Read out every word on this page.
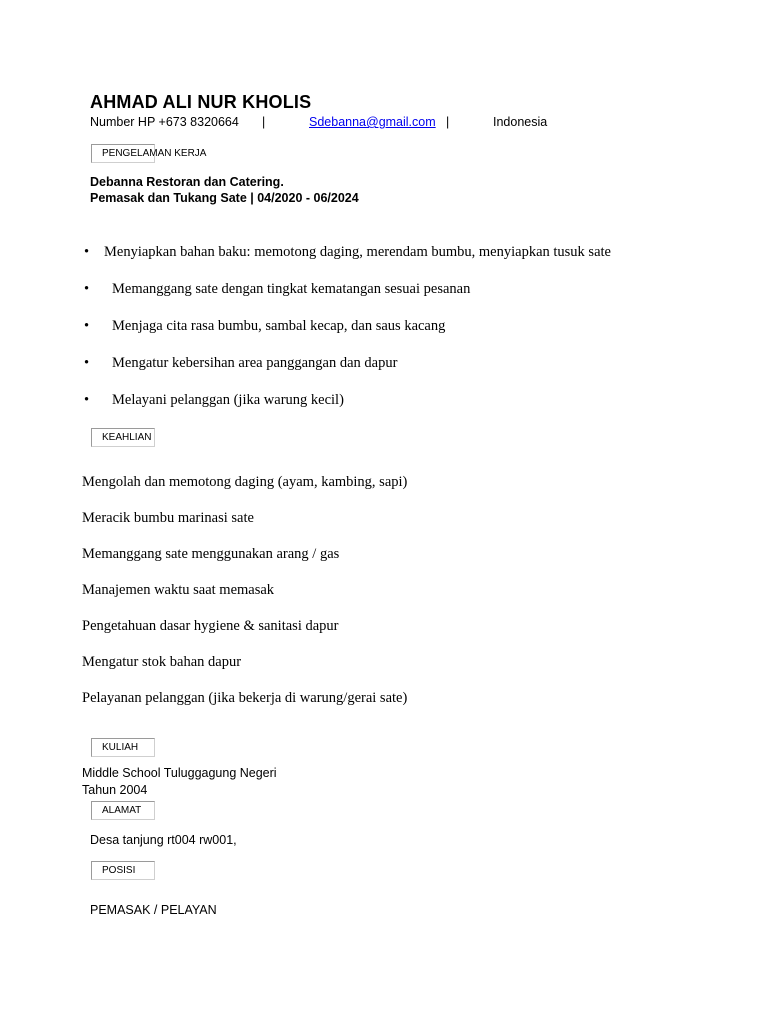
AHMAD ALI NUR KHOLIS
Number HP +673 8320664 |	Sdebanna@gmail.com |	Indonesia
PENGELAMAN KERJA
Debanna Restoran dan Catering.
Pemasak dan Tukang Sate | 04/2020 - 06/2024
• Menyiapkan bahan baku: memotong daging, merendam bumbu, menyiapkan tusuk sate
• Memanggang sate dengan tingkat kematangan sesuai pesanan
• Menjaga cita rasa bumbu, sambal kecap, dan saus kacang
• Mengatur kebersihan area panggangan dan dapur
• Melayani pelanggan (jika warung kecil)
KEAHLIAN
Mengolah dan memotong daging (ayam, kambing, sapi)
Meracik bumbu marinasi sate
Memanggang sate menggunakan arang / gas
Manajemen waktu saat memasak
Pengetahuan dasar hygiene & sanitasi dapur
Mengatur stok bahan dapur
Pelayanan pelanggan (jika bekerja di warung/gerai sate)
KULIAH
Middle School Tuluggagung Negeri
Tahun 2004
ALAMAT
Desa tanjung rt004 rw001,
POSISI
PEMASAK / PELAYAN
